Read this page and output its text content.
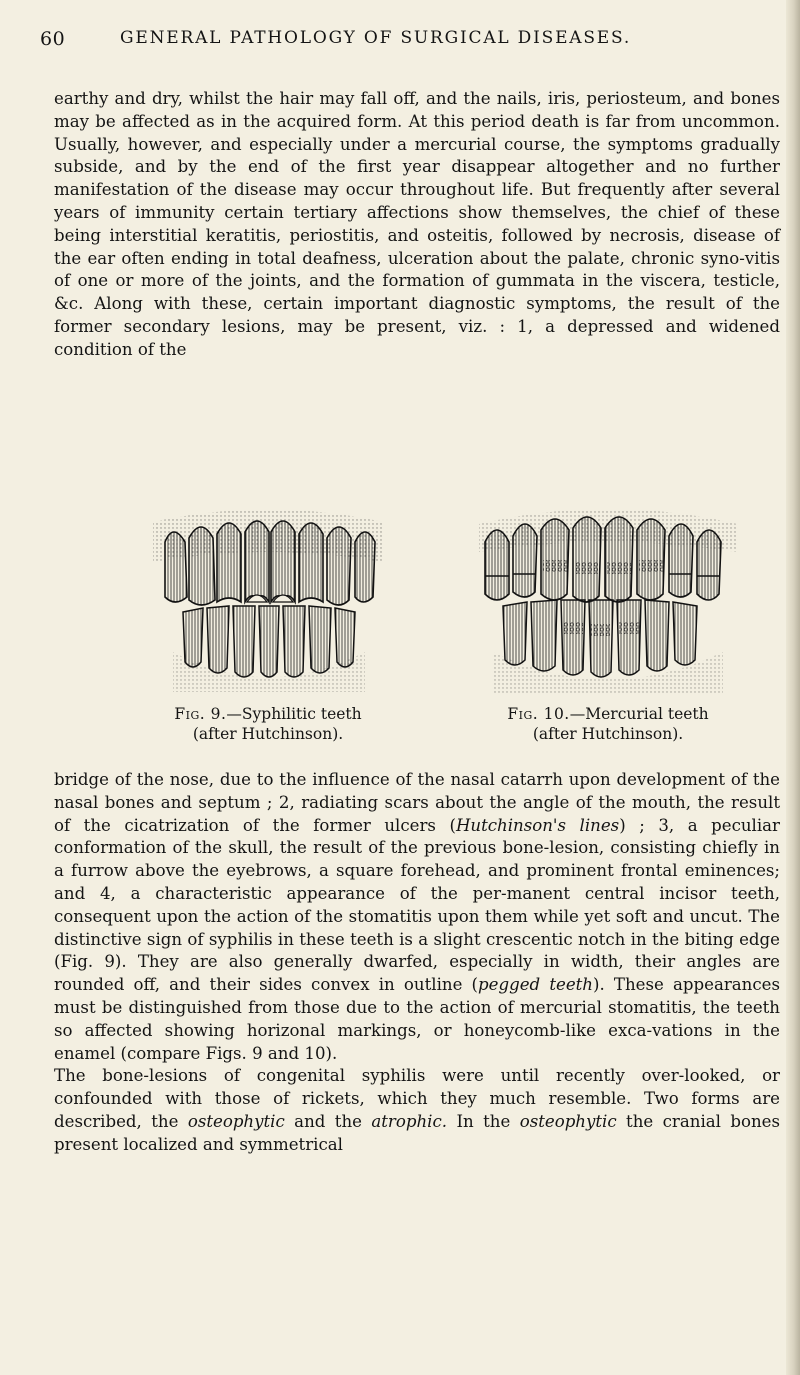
60	GENERAL PATHOLOGY OF SURGICAL DISEASES.

earthy and dry, whilst the hair may fall off, and the nails, iris, periosteum, and bones may be affected as in the acquired form. At this period death is far from uncommon. Usually, however, and especially under a mercurial course, the symptoms gradually subside, and by the end of the first year disappear altogether and no further manifestation of the disease may occur throughout life. But frequently after several years of immunity certain tertiary affections show themselves, the chief of these being interstitial keratitis, periostitis, and osteitis, followed by necrosis, disease of the ear often ending in total deafness, ulceration about the palate, chronic syno-vitis of one or more of the joints, and the formation of gummata in the viscera, testicle, &c. Along with these, certain important diagnostic symptoms, the result of the former secondary lesions, may be present, viz. : 1, a depressed and widened condition of the

Fig. 9.—Syphilitic teeth
(after Hutchinson).
Fig. 10.—Mercurial teeth
(after Hutchinson).

bridge of the nose, due to the influence of the nasal catarrh upon development of the nasal bones and septum ; 2, radiating scars about the angle of the mouth, the result of the cicatrization of the former ulcers (Hutchinson's lines) ; 3, a peculiar conformation of the skull, the result of the previous bone-lesion, consisting chiefly in a furrow above the eyebrows, a square forehead, and prominent frontal eminences; and 4, a characteristic appearance of the per-manent central incisor teeth, consequent upon the action of the stomatitis upon them while yet soft and uncut. The distinctive sign of syphilis in these teeth is a slight crescentic notch in the biting edge (Fig. 9). They are also generally dwarfed, especially in width, their angles are rounded off, and their sides convex in outline (pegged teeth). These appearances must be distinguished from those due to the action of mercurial stomatitis, the teeth so affected showing horizonal markings, or honeycomb-like exca-vations in the enamel (compare Figs. 9 and 10).

The bone-lesions of congenital syphilis were until recently over-looked, or confounded with those of rickets, which they much resemble. Two forms are described, the osteophytic and the atrophic. In the osteophytic the cranial bones present localized and symmetrical
